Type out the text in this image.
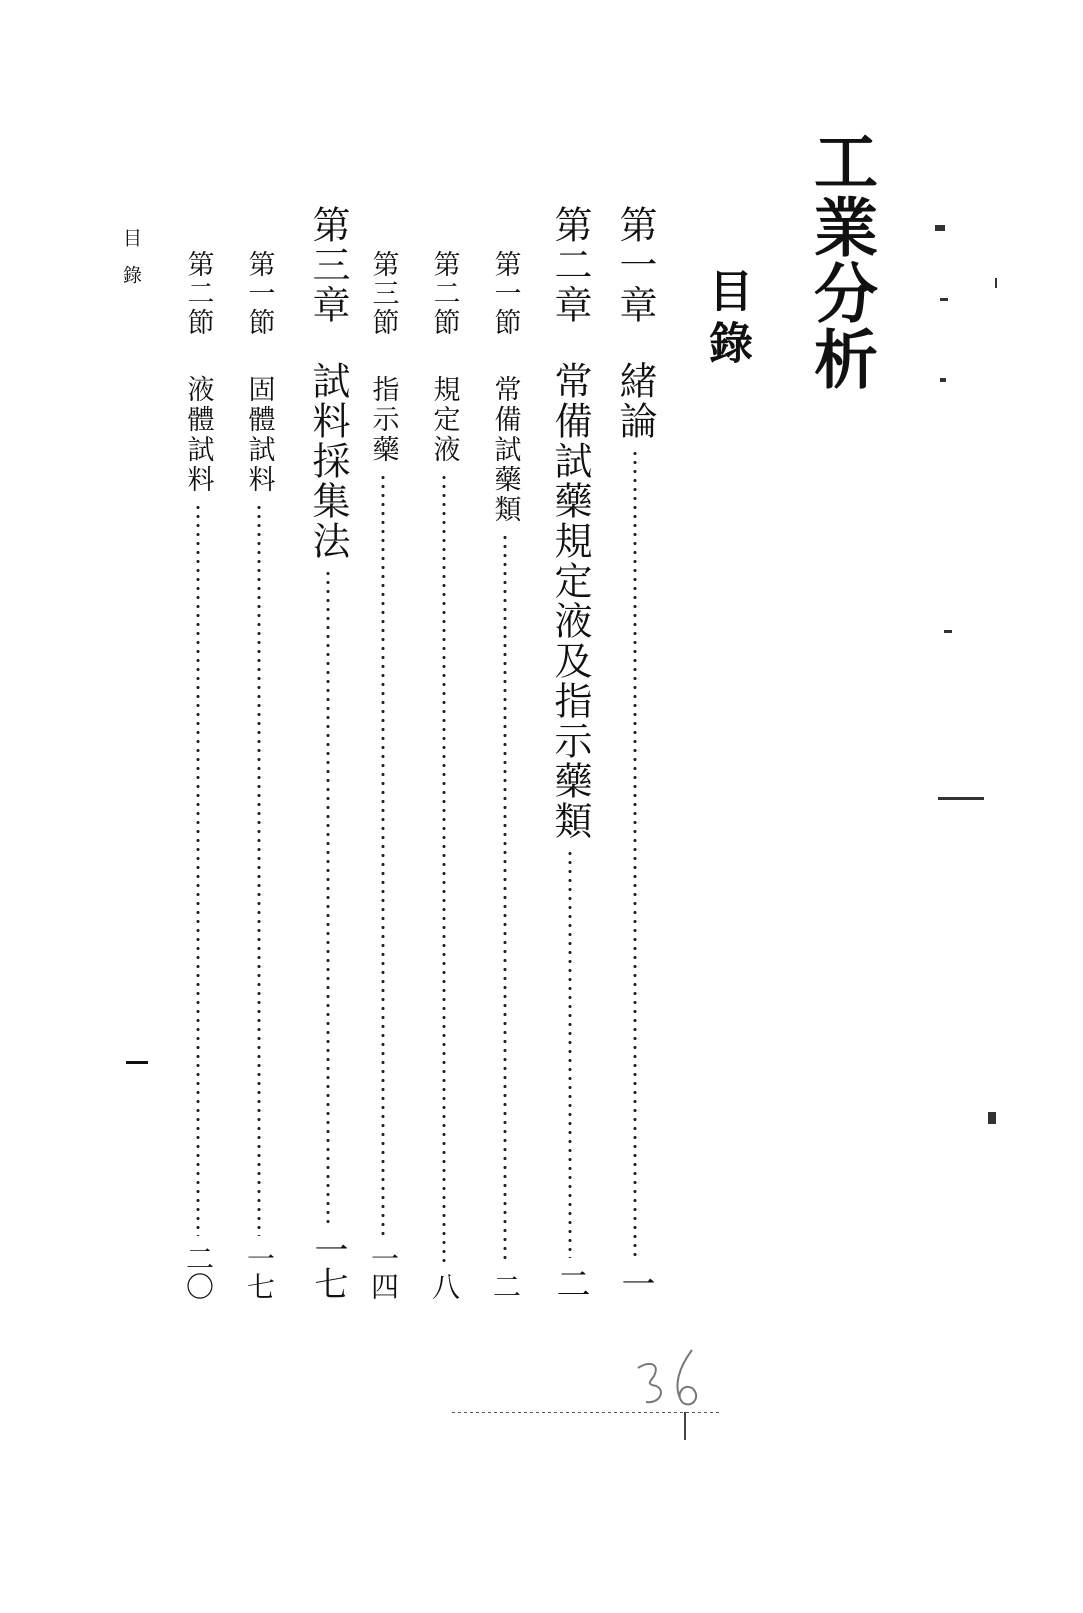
工業分析
目錄
第一章
緒論
一
第二章
常備試藥規定液及指示藥類
二
第一節
常備試藥類
二
第二節
規定液
八
第三節
指示藥
一四
第三章
試料採集法
一七
第一節
固體試料
一七
第二節
液體試料
二〇
目錄
